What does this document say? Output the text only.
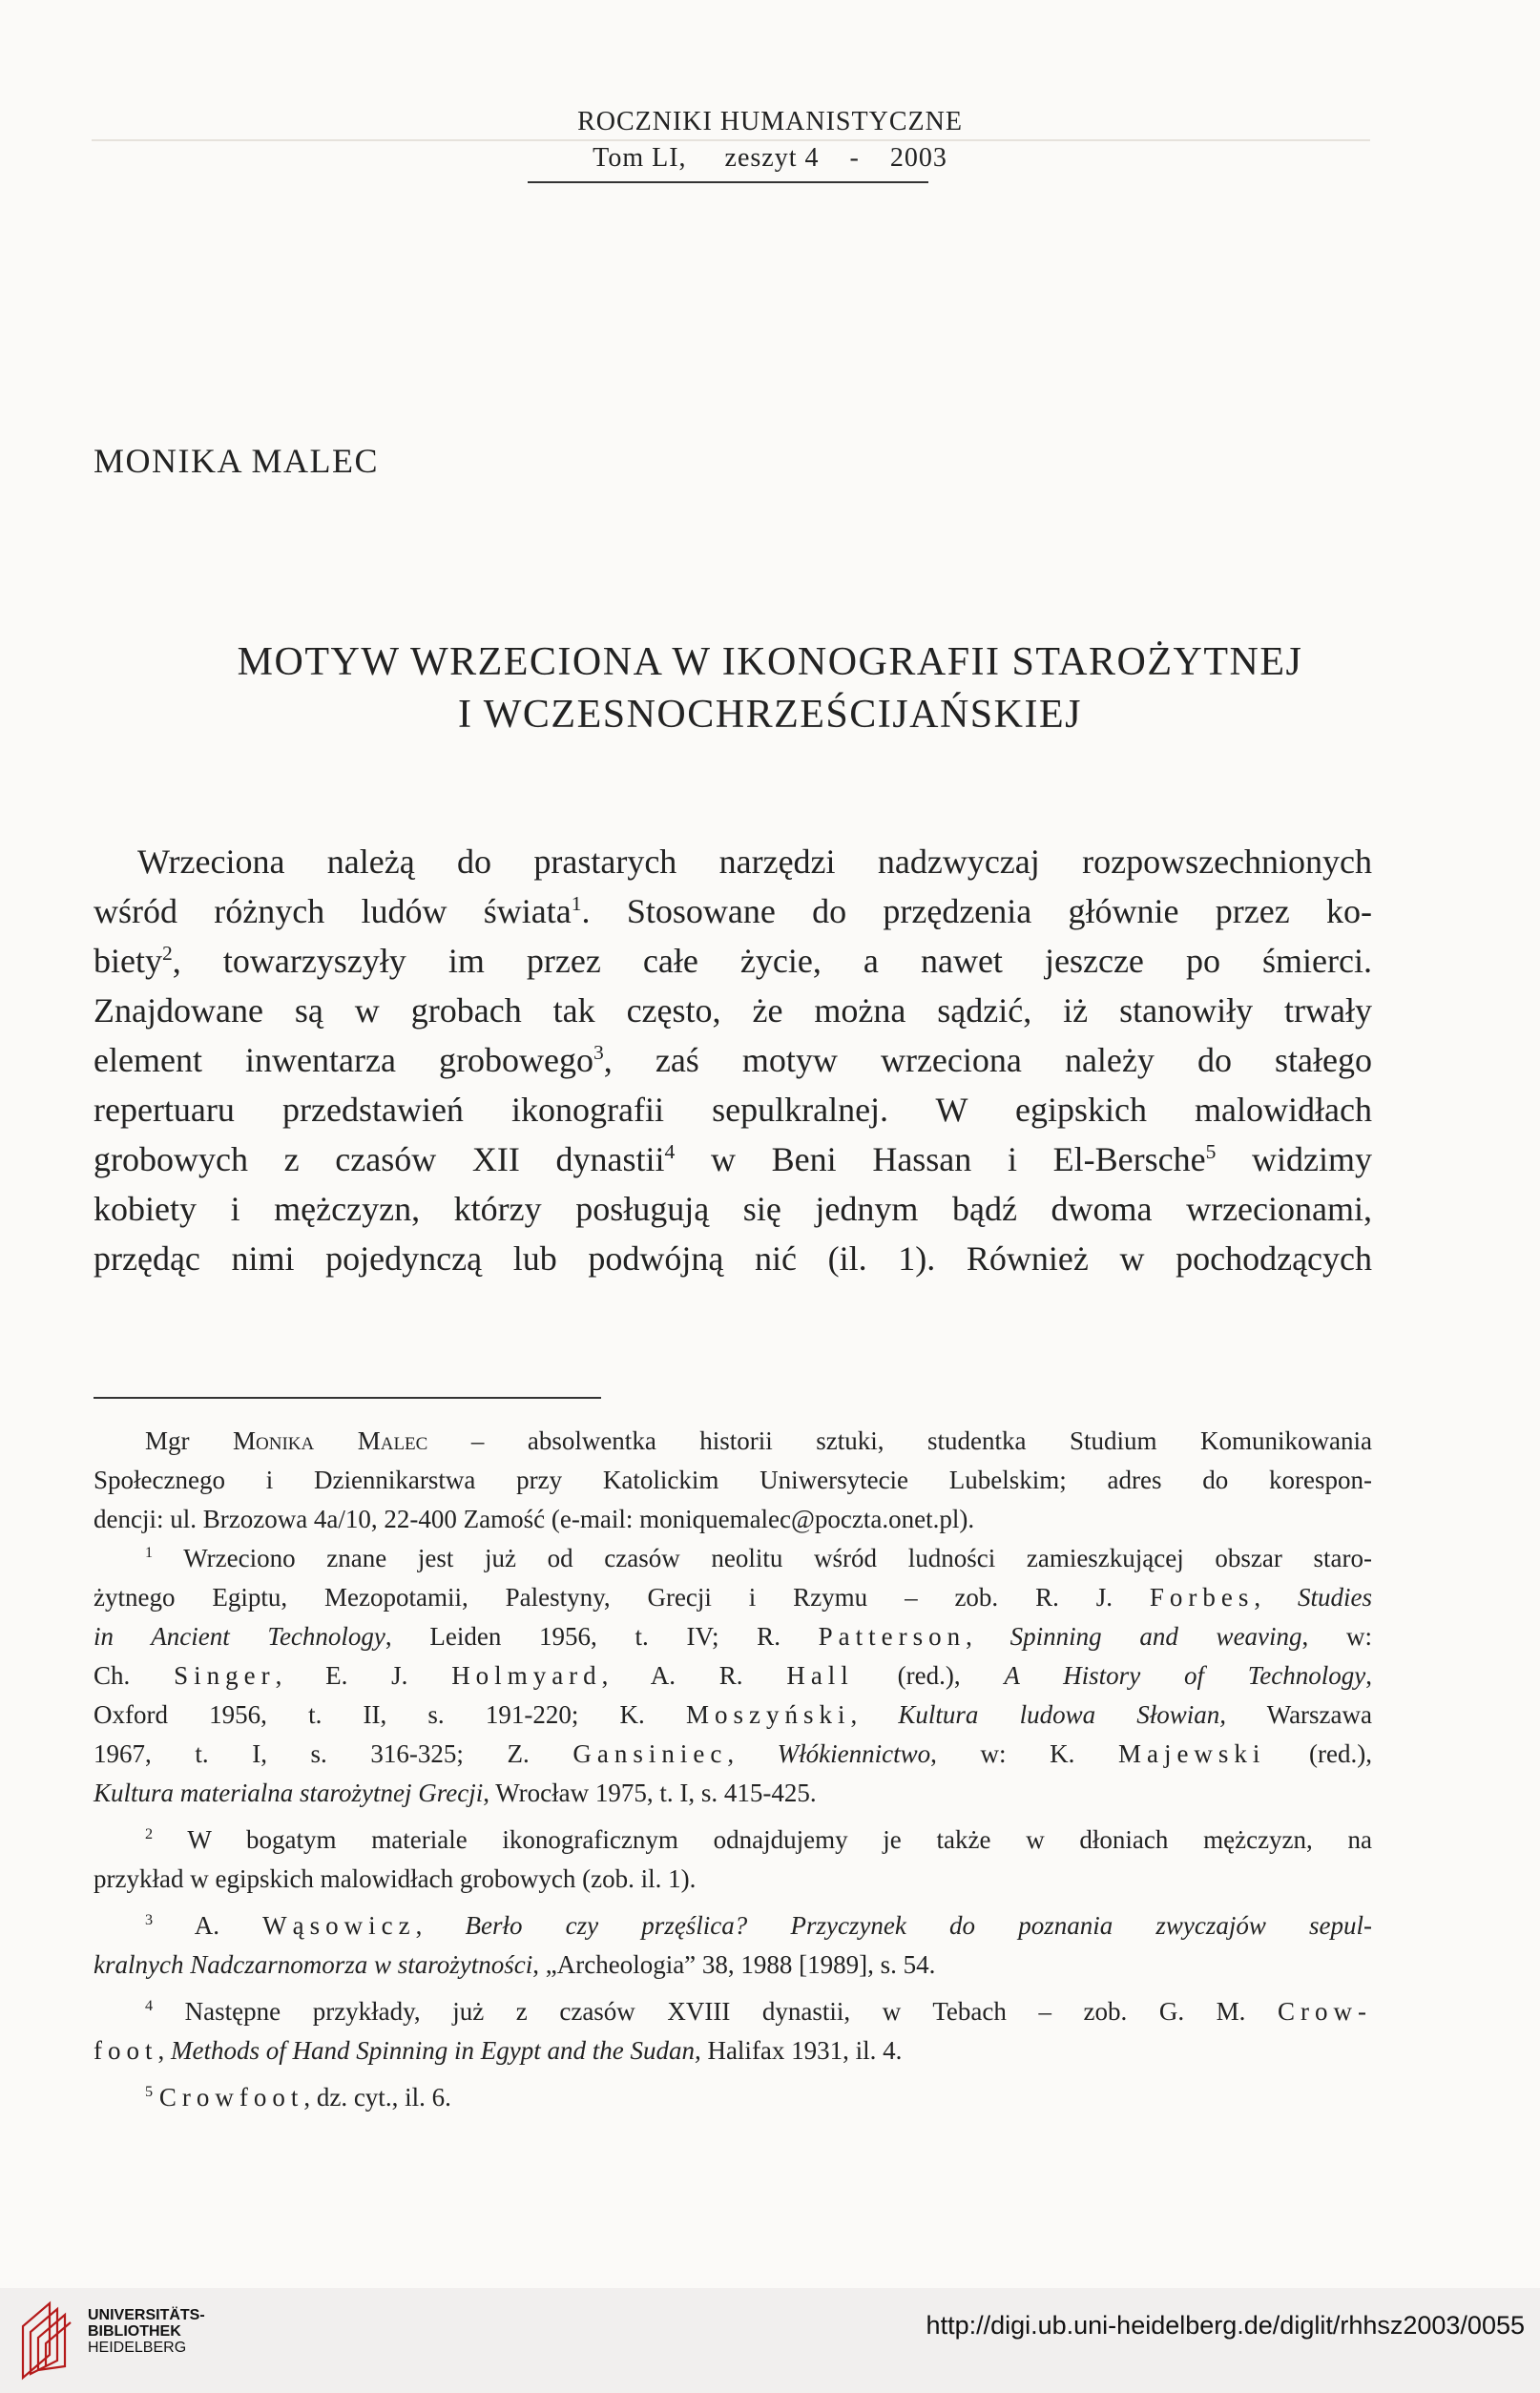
ROCZNIKI HUMANISTYCZNE
Tom LI, zeszyt 4 - 2003
MONIKA MALEC
MOTYW WRZECIONA W IKONOGRAFII STAROŻYTNEJ
I WCZESNOCHRZEŚCIJAŃSKIEJ
Wrzeciona należą do prastarych narzędzi nadzwyczaj rozpowszechnionych
wśród różnych ludów świata$^1$. Stosowane do przędzenia głównie przez ko-
biety$^2$, towarzyszyły im przez całe życie, a nawet jeszcze po śmierci.
Znajdowane są w grobach tak często, że można sądzić, iż stanowiły trwały
element inwentarza grobowego$^3$, zaś motyw wrzeciona należy do stałego
repertuaru przedstawień ikonografii sepulkralnej. W egipskich malowidłach
grobowych z czasów XII dynastii$^4$ w Beni Hassan i El-Bersche$^5$ widzimy
kobiety i mężczyzn, którzy posługują się jednym bądź dwoma wrzecionami,
przędąc nimi pojedynczą lub podwójną nić (il. 1). Również w pochodzących
Mgr Monika Malec – absolwentka historii sztuki, studentka Studium Komunikowania
Społecznego i Dziennikarstwa przy Katolickim Uniwersytecie Lubelskim; adres do korespon-
dencji: ul. Brzozowa 4a/10, 22-400 Zamość (e-mail: moniquemalec@poczta.onet.pl).
$^1$ Wrzeciono znane jest już od czasów neolitu wśród ludności zamieszkującej obszar staro-
żytnego Egiptu, Mezopotamii, Palestyny, Grecji i Rzymu – zob. R. J. Forbes, Studies
in Ancient Technology, Leiden 1956, t. IV; R. Patterson, Spinning and weaving, w:
Ch. Singer, E. J. Holmyard, A. R. Hall (red.), A History of Technology,
Oxford 1956, t. II, s. 191-220; K. Moszyński, Kultura ludowa Słowian, Warszawa
1967, t. I, s. 316-325; Z. Gansiniec, Włókiennictwo, w: K. Majewski (red.),
Kultura materialna starożytnej Grecji, Wrocław 1975, t. I, s. 415-425.
$^2$ W bogatym materiale ikonograficznym odnajdujemy je także w dłoniach mężczyzn, na
przykład w egipskich malowidłach grobowych (zob. il. 1).
$^3$ A. Wąsowicz, Berło czy przęślica? Przyczynek do poznania zwyczajów sepul-
kralnych Nadczarnomorza w starożytności, „Archeologia” 38, 1988 [1989], s. 54.
$^4$ Następne przykłady, już z czasów XVIII dynastii, w Tebach – zob. G. M. Crow-
foot, Methods of Hand Spinning in Egypt and the Sudan, Halifax 1931, il. 4.
$^5$ Crowfoot, dz. cyt., il. 6.
UNIVERSITÄTS-
BIBLIOTHEK
HEIDELBERG
http://digi.ub.uni-heidelberg.de/diglit/rhhsz2003/0055
